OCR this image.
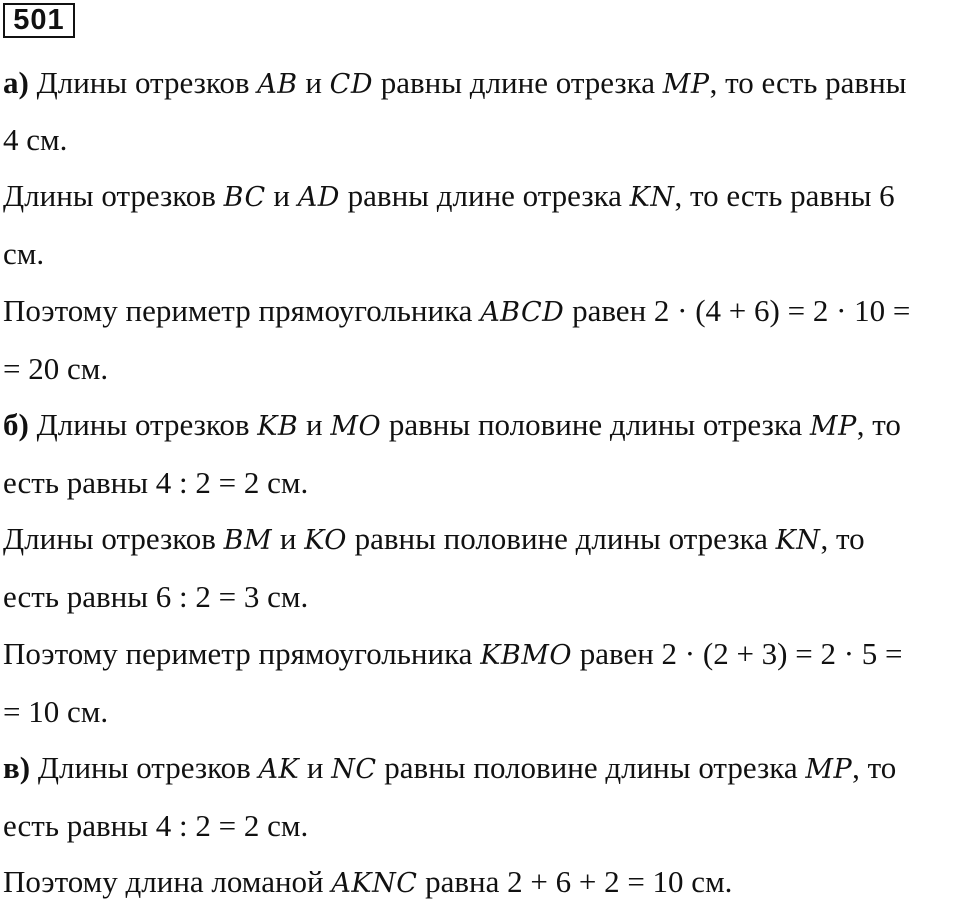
501
а) Длины отрезков AB и CD равны длине отрезка MP, то есть равны
4 см.
Длины отрезков BC и AD равны длине отрезка KN, то есть равны 6
см.
Поэтому периметр прямоугольника ABCD равен 2 · (4 + 6) = 2 · 10 =
= 20 см.
б) Длины отрезков KB и MO равны половине длины отрезка MP, то
есть равны 4 : 2 = 2 см.
Длины отрезков BM и KO равны половине длины отрезка KN, то
есть равны 6 : 2 = 3 см.
Поэтому периметр прямоугольника KBMO равен 2 · (2 + 3) = 2 · 5 =
= 10 см.
в) Длины отрезков AK и NC равны половине длины отрезка MP, то
есть равны 4 : 2 = 2 см.
Поэтому длина ломаной AKNC равна 2 + 6 + 2 = 10 см.
